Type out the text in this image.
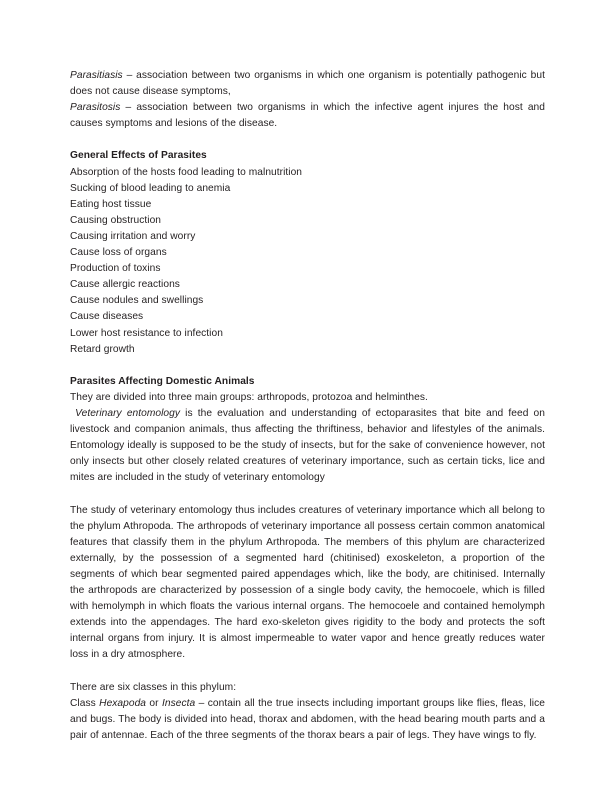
Parasitiasis – association between two organisms in which one organism is potentially pathogenic but does not cause disease symptoms,

Parasitosis – association between two organisms in which the infective agent injures the host and causes symptoms and lesions of the disease.

General Effects of Parasites
Absorption of the hosts food leading to malnutrition
Sucking of blood leading to anemia
Eating host tissue
Causing obstruction
Causing irritation and worry
Cause loss of organs
Production of toxins
Cause allergic reactions
Cause nodules and swellings
Cause diseases
Lower host resistance to infection
Retard growth
Parasites Affecting Domestic Animals

They are divided into three main groups: arthropods, protozoa and helminthes.

Veterinary entomology is the evaluation and understanding of ectoparasites that bite and feed on livestock and companion animals, thus affecting the thriftiness, behavior and lifestyles of the animals. Entomology ideally is supposed to be the study of insects, but for the sake of convenience however, not only insects but other closely related creatures of veterinary importance, such as certain ticks, lice and mites are included in the study of veterinary entomology

The study of veterinary entomology thus includes creatures of veterinary importance which all belong to the phylum Athropoda. The arthropods of veterinary importance all possess certain common anatomical features that classify them in the phylum Arthropoda. The members of this phylum are characterized externally, by the possession of a segmented hard (chitinised) exoskeleton, a proportion of the segments of which bear segmented paired appendages which, like the body, are chitinised. Internally the arthropods are characterized by possession of a single body cavity, the hemocoele, which is filled with hemolymph in which floats the various internal organs. The hemocoele and contained hemolymph extends into the appendages. The hard exo-skeleton gives rigidity to the body and protects the soft internal organs from injury. It is almost impermeable to water vapor and hence greatly reduces water loss in a dry atmosphere.

There are six classes in this phylum:

Class Hexapoda or Insecta – contain all the true insects including important groups like flies, fleas, lice and bugs. The body is divided into head, thorax and abdomen, with the head bearing mouth parts and a pair of antennae. Each of the three segments of the thorax bears a pair of legs. They have wings to fly.
